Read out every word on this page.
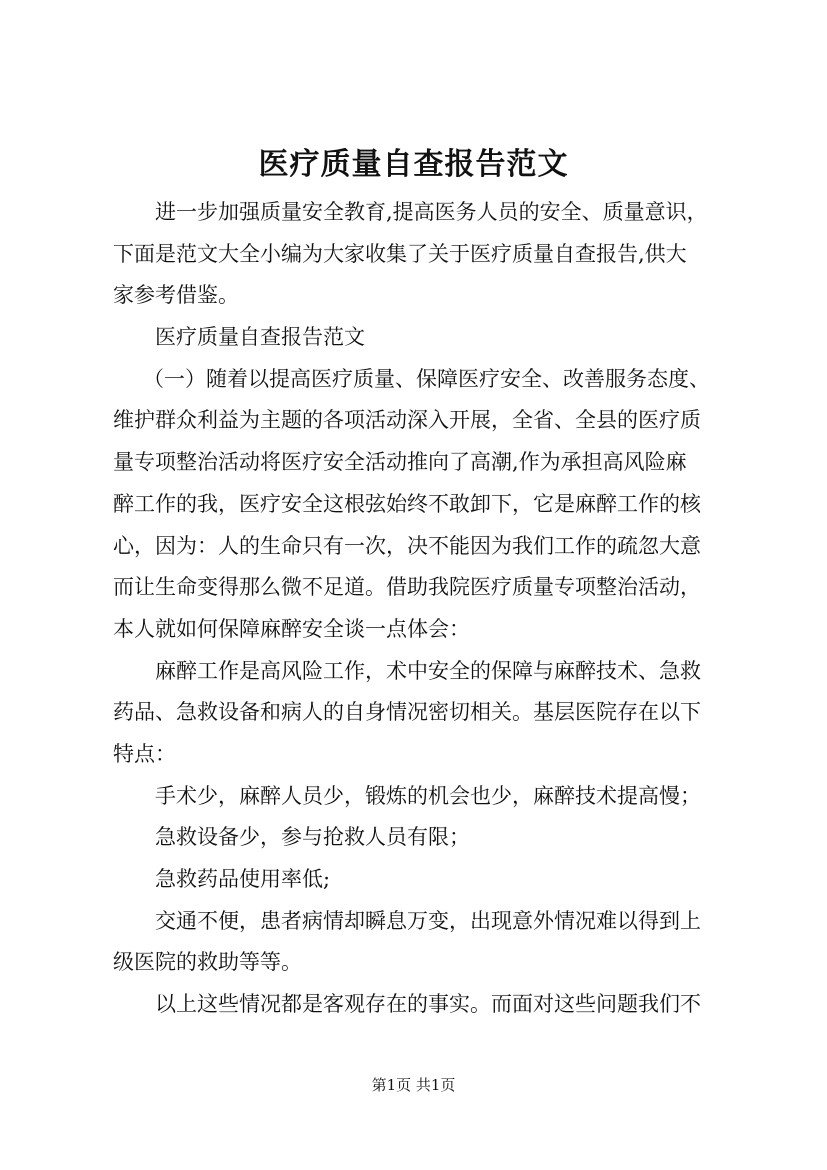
医疗质量自查报告范文
进一步加强质量安全教育,提高医务人员的安全、质量意识，
下面是范文大全小编为大家收集了关于医疗质量自查报告,供大
家参考借鉴。
医疗质量自查报告范文
（一）随着以提高医疗质量、保障医疗安全、改善服务态度、
维护群众利益为主题的各项活动深入开展，全省、全县的医疗质
量专项整治活动将医疗安全活动推向了高潮,作为承担高风险麻
醉工作的我，医疗安全这根弦始终不敢卸下，它是麻醉工作的核
心，因为：人的生命只有一次，决不能因为我们工作的疏忽大意
而让生命变得那么微不足道。借助我院医疗质量专项整治活动，
本人就如何保障麻醉安全谈一点体会：
麻醉工作是高风险工作，术中安全的保障与麻醉技术、急救
药品、急救设备和病人的自身情况密切相关。基层医院存在以下
特点：
手术少，麻醉人员少，锻炼的机会也少，麻醉技术提高慢；
急救设备少，参与抢救人员有限；
急救药品使用率低;
交通不便，患者病情却瞬息万变，出现意外情况难以得到上
级医院的救助等等。
以上这些情况都是客观存在的事实。而面对这些问题我们不
第1页 共1页
